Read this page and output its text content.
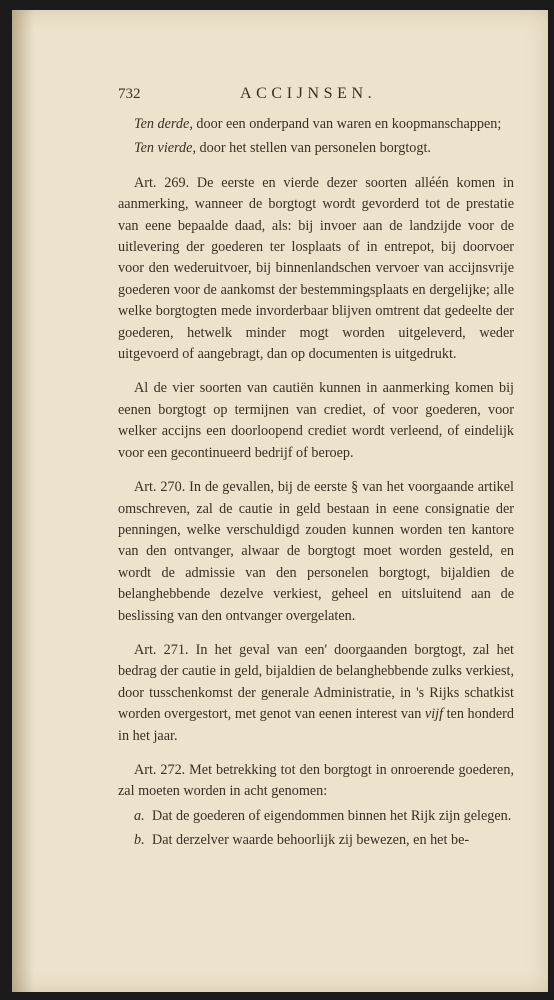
732	ACCIJNSEN.

Ten derde, door een onderpand van waren en koopmanschappen;

Ten vierde, door het stellen van personelen borgtogt.

Art. 269. De eerste en vierde dezer soorten alléén komen in aanmerking, wanneer de borgtogt wordt gevorderd tot de prestatie van eene bepaalde daad, als: bij invoer aan de landzijde voor de uitlevering der goederen ter losplaats of in entrepot, bij doorvoer voor den wederuitvoer, bij binnenlandschen vervoer van accijnsvrije goederen voor de aankomst der bestemmingsplaats en dergelijke; alle welke borgtogten mede invorderbaar blijven omtrent dat gedeelte der goederen, hetwelk minder mogt worden uitgeleverd, weder uitgevoerd of aangebragt, dan op documenten is uitgedrukt.

Al de vier soorten van cautiën kunnen in aanmerking komen bij eenen borgtogt op termijnen van crediet, of voor goederen, voor welker accijns een doorloopend crediet wordt verleend, of eindelijk voor een gecontinueerd bedrijf of beroep.

Art. 270. In de gevallen, bij de eerste § van het voorgaande artikel omschreven, zal de cautie in geld bestaan in eene consignatie der penningen, welke verschuldigd zouden kunnen worden ten kantore van den ontvanger, alwaar de borgtogt moet worden gesteld, en wordt de admissie van den personelen borgtogt, bijaldien de belanghebbende dezelve verkiest, geheel en uitsluitend aan de beslissing van den ontvanger overgelaten.

Art. 271. In het geval van een' doorgaanden borgtogt, zal het bedrag der cautie in geld, bijaldien de belanghebbende zulks verkiest, door tusschenkomst der generale Administratie, in 's Rijks schatkist worden overgestort, met genot van eenen interest van vijf ten honderd in het jaar.

Art. 272. Met betrekking tot den borgtogt in onroerende goederen, zal moeten worden in acht genomen:

a. Dat de goederen of eigendommen binnen het Rijk zijn gelegen.

b. Dat derzelver waarde behoorlijk zij bewezen, en het be-
